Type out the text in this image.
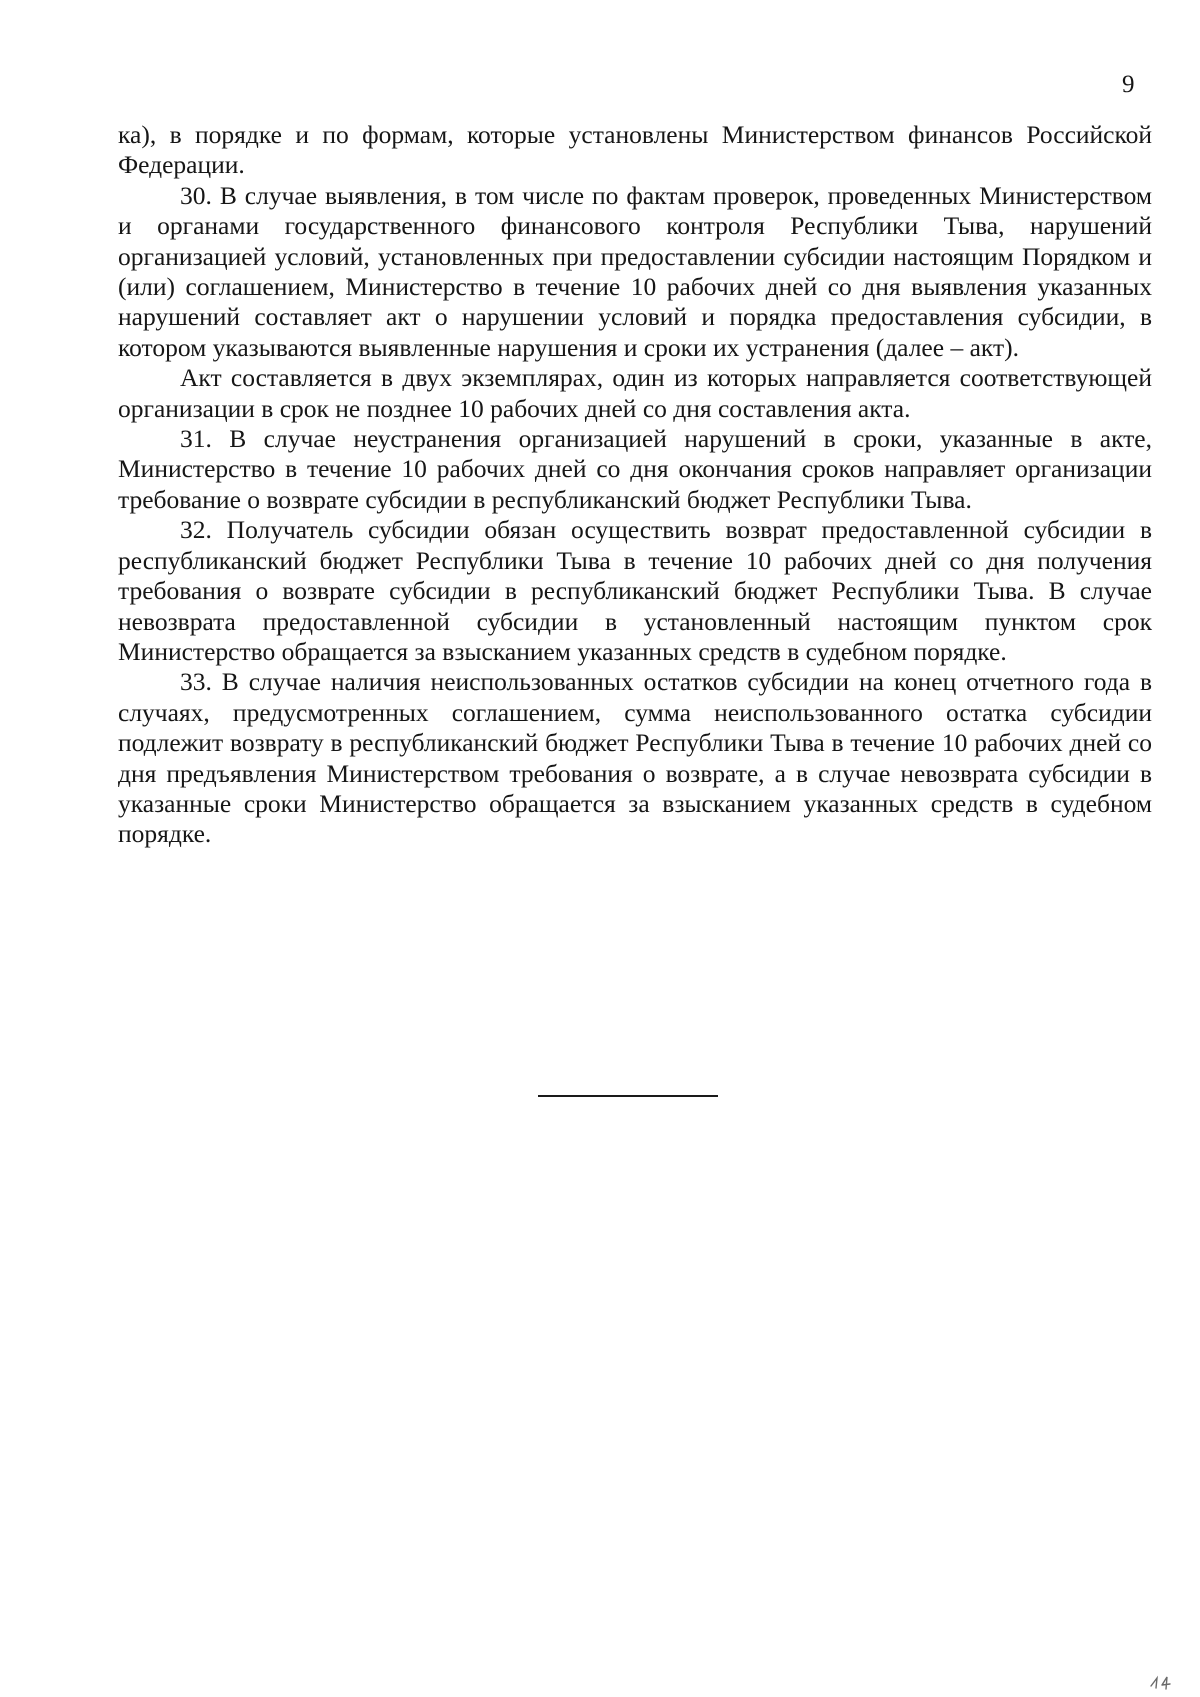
9

ка), в порядке и по формам, которые установлены Министерством финансов Российской Федерации.

30. В случае выявления, в том числе по фактам проверок, проведенных Министерством и органами государственного финансового контроля Республики Тыва, нарушений организацией условий, установленных при предоставлении субсидии настоящим Порядком и (или) соглашением, Министерство в течение 10 рабочих дней со дня выявления указанных нарушений составляет акт о нарушении условий и порядка предоставления субсидии, в котором указываются выявленные нарушения и сроки их устранения (далее – акт).

Акт составляется в двух экземплярах, один из которых направляется соответствующей организации в срок не позднее 10 рабочих дней со дня составления акта.

31. В случае неустранения организацией нарушений в сроки, указанные в акте, Министерство в течение 10 рабочих дней со дня окончания сроков направляет организации требование о возврате субсидии в республиканский бюджет Республики Тыва.

32. Получатель субсидии обязан осуществить возврат предоставленной субсидии в республиканский бюджет Республики Тыва в течение 10 рабочих дней со дня получения требования о возврате субсидии в республиканский бюджет Республики Тыва. В случае невозврата предоставленной субсидии в установленный настоящим пунктом срок Министерство обращается за взысканием указанных средств в судебном порядке.

33. В случае наличия неиспользованных остатков субсидии на конец отчетного года в случаях, предусмотренных соглашением, сумма неиспользованного остатка субсидии подлежит возврату в республиканский бюджет Республики Тыва в течение 10 рабочих дней со дня предъявления Министерством требования о возврате, а в случае невозврата субсидии в указанные сроки Министерство обращается за взысканием указанных средств в судебном порядке.
